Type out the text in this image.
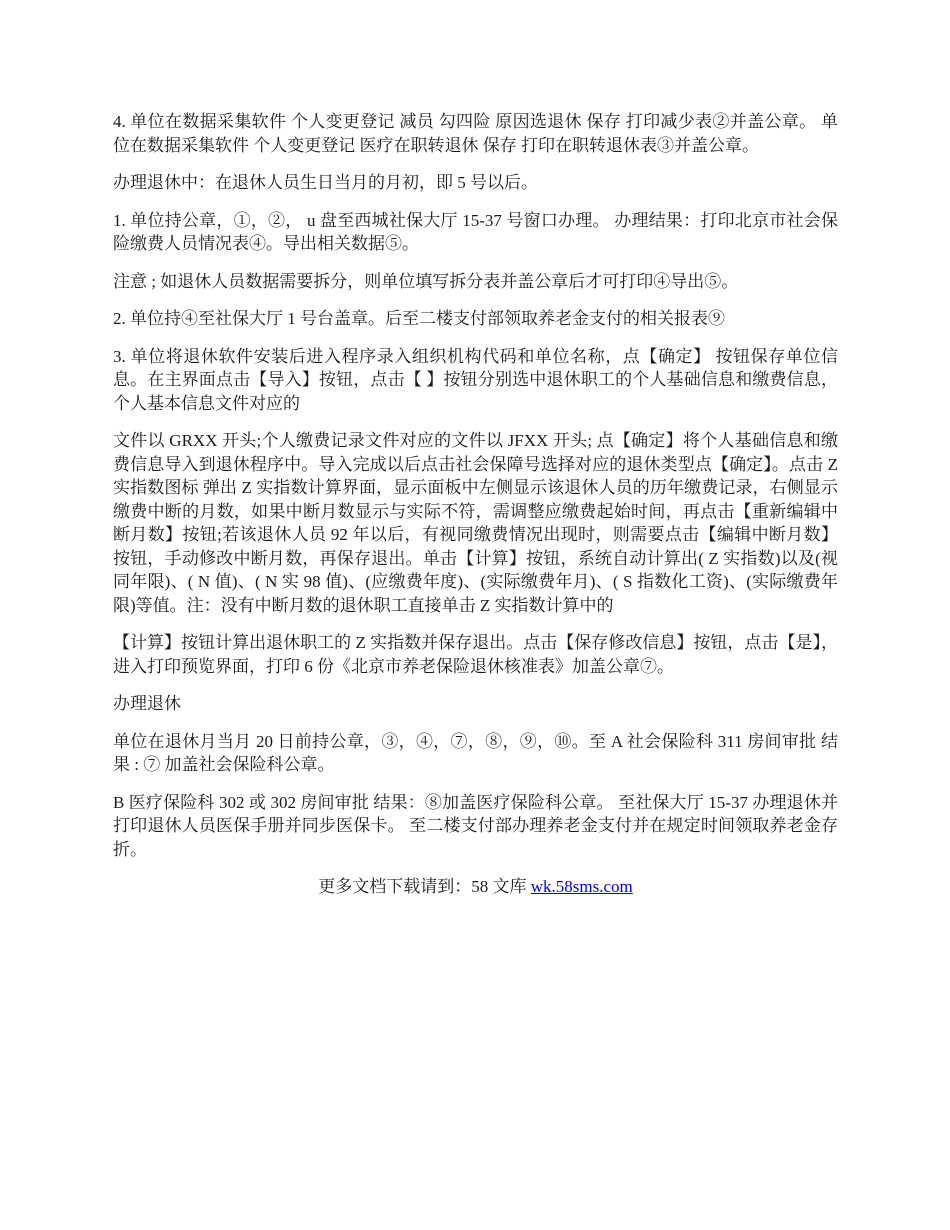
4. 单位在数据采集软件 个人变更登记 减员 勾四险 原因选退休 保存 打印减少表②并盖公章。 单位在数据采集软件 个人变更登记 医疗在职转退休 保存 打印在职转退休表③并盖公章。

办理退休中：在退休人员生日当月的月初，即 5 号以后。

1. 单位持公章，①，②， u 盘至西城社保大厅 15-37 号窗口办理。 办理结果：打印北京市社会保险缴费人员情况表④。导出相关数据⑤。

注意 ; 如退休人员数据需要拆分，则单位填写拆分表并盖公章后才可打印④导出⑤。

2. 单位持④至社保大厅 1 号台盖章。后至二楼支付部领取养老金支付的相关报表⑨

3. 单位将退休软件安装后进入程序录入组织机构代码和单位名称，点【确定】 按钮保存单位信息。在主界面点击【导入】按钮，点击【 】按钮分别选中退休职工的个人基础信息和缴费信息， 个人基本信息文件对应的

文件以 GRXX 开头;个人缴费记录文件对应的文件以 JFXX 开头; 点【确定】将个人基础信息和缴费信息导入到退休程序中。导入完成以后点击社会保障号选择对应的退休类型点【确定】。点击 Z 实指数图标 弹出 Z 实指数计算界面，显示面板中左侧显示该退休人员的历年缴费记录，右侧显示缴费中断的月数，如果中断月数显示与实际不符，需调整应缴费起始时间，再点击【重新编辑中断月数】按钮;若该退休人员 92 年以后，有视同缴费情况出现时，则需要点击【编辑中断月数】按钮，手动修改中断月数，再保存退出。单击【计算】按钮，系统自动计算出( Z 实指数)以及(视同年限)、( N 值)、( N 实 98 值)、(应缴费年度)、(实际缴费年月)、( S 指数化工资)、(实际缴费年限)等值。注：没有中断月数的退休职工直接单击 Z 实指数计算中的

【计算】按钮计算出退休职工的 Z 实指数并保存退出。点击【保存修改信息】按钮，点击【是】，进入打印预览界面，打印 6 份《北京市养老保险退休核准表》加盖公章⑦。

办理退休

单位在退休月当月 20 日前持公章，③，④，⑦，⑧，⑨，⑩。至 A 社会保险科 311 房间审批 结果 : ⑦ 加盖社会保险科公章。

B 医疗保险科 302 或 302 房间审批 结果：⑧加盖医疗保险科公章。 至社保大厅 15-37 办理退休并打印退休人员医保手册并同步医保卡。 至二楼支付部办理养老金支付并在规定时间领取养老金存折。

更多文档下载请到：58 文库 wk.58sms.com
